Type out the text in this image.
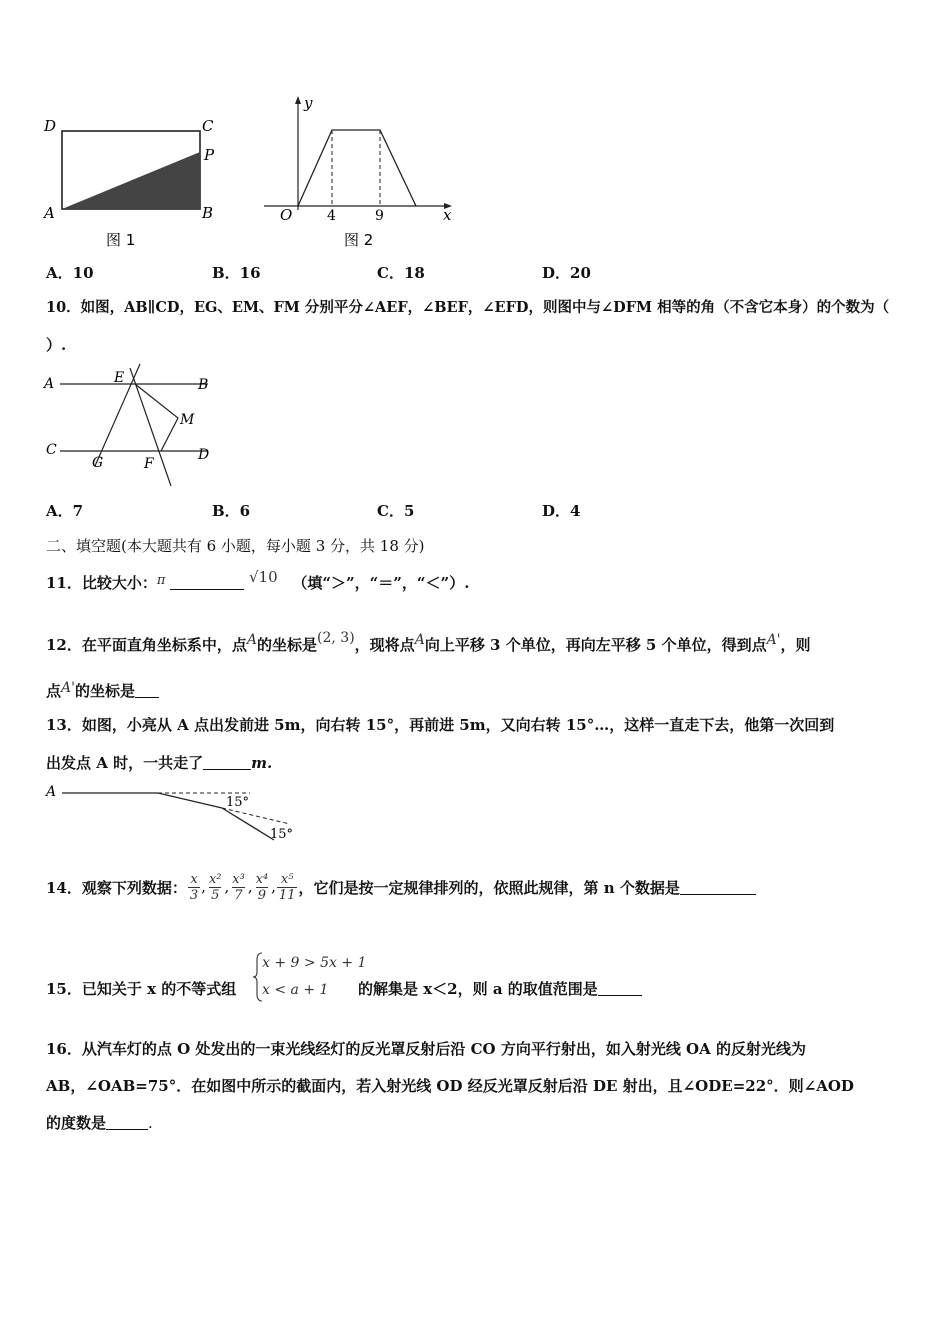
D	C
P
A	B
图 1
y
O 4	9	x
图 2
A．10	B．16	C．18	D．20
10．如图，AB∥CD，EG、EM、FM 分别平分∠AEF，∠BEF，∠EFD，则图中与∠DFM 相等的角（不含它本身）的个数为（
）.
A	E	B
M
C
G	F
D
A．7	B．6	C．5	D．4
二、填空题(本大题共有 6 小题，每小题 3 分，共 18 分)
11．比较大小：π	√10 （填“＞”，“＝”，“＜”）.
12．在平面直角坐标系中，点A的坐标是(2, 3)，现将点A向上平移 3 个单位，再向左平移 5 个单位，得到点A'，则
点A'的坐标是
13．如图，小亮从 A 点出发前进 5m，向右转 15°，再前进 5m，又向右转 15°…，这样一直走下去，他第一次回到
出发点 A 时，一共走了	m.
A
15°
15°
14．观察下列数据： $\frac{x}{3}$ , $\frac{\text{x²}}{5}$ , $\frac{\text{x³}}{7}$ , $\frac{\text{x⁴}}{9}$ , $\frac{\text{x⁵}}{11}$ ，它们是按一定规律排列的，依照此规律，第 n 个数据是
x + 9 > 5x + 1
x < a + 1
15．已知关于 x 的不等式组	的解集是 x＜2，则 a 的取值范围是
16．从汽车灯的点 O 处发出的一束光线经灯的反光罩反射后沿 CO 方向平行射出，如入射光线 OA 的反射光线为
AB，∠OAB=75°．在如图中所示的截面内，若入射光线 OD 经反光罩反射后沿 DE 射出，且∠ODE=22°．则∠AOD
的度数是	.
